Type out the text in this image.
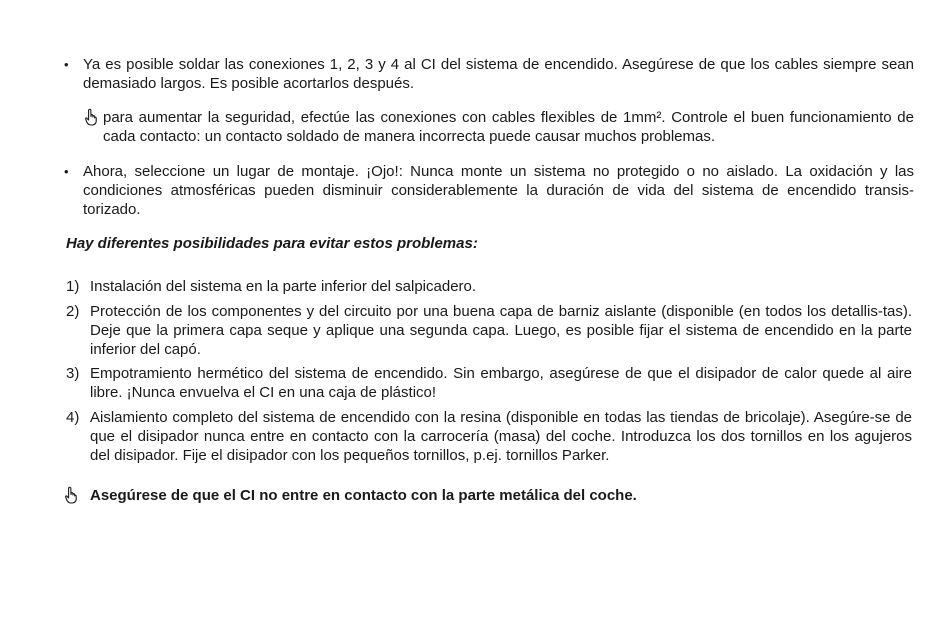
• Ya es posible soldar las conexiones 1, 2, 3 y 4 al CI del sistema de encendido. Asegúrese de que los cables siempre sean demasiado largos. Es posible acortarlos después.
para aumentar la seguridad, efectúe las conexiones con cables flexibles de 1mm². Controle el buen funcionamiento de cada contacto: un contacto soldado de manera incorrecta puede causar muchos problemas.
• Ahora, seleccione un lugar de montaje. ¡Ojo!: Nunca monte un sistema no protegido o no aislado. La oxidación y las condiciones atmosféricas pueden disminuir considerablemente la duración de vida del sistema de encendido transis-torizado.
Hay diferentes posibilidades para evitar estos problemas:
1) Instalación del sistema en la parte inferior del salpicadero.
2) Protección de los componentes y del circuito por una buena capa de barniz aislante (disponible (en todos los detallis-tas). Deje que la primera capa seque y aplique una segunda capa. Luego, es posible fijar el sistema de encendido en la parte inferior del capó.
3) Empotramiento hermético del sistema de encendido. Sin embargo, asegúrese de que el disipador de calor quede al aire libre. ¡Nunca envuelva el CI en una caja de plástico!
4) Aislamiento completo del sistema de encendido con la resina (disponible en todas las tiendas de bricolaje). Asegúre-se de que el disipador nunca entre en contacto con la carrocería (masa) del coche. Introduzca los dos tornillos en los agujeros del disipador. Fije el disipador con los pequeños tornillos, p.ej. tornillos Parker.
Asegúrese de que el CI no entre en contacto con la parte metálica del coche.
